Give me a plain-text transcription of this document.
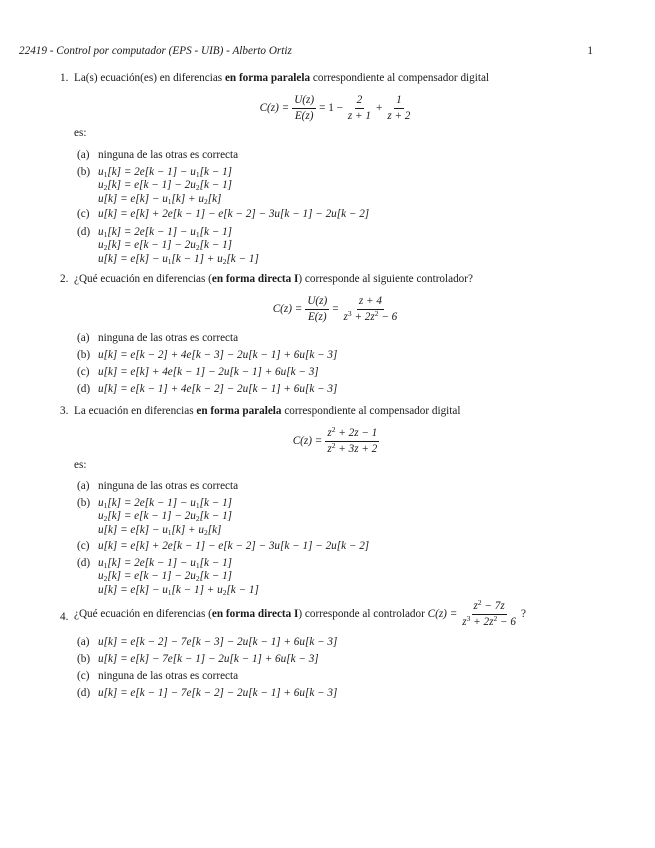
22419 - Control por computador (EPS - UIB) - Alberto Ortiz	1
1. La(s) ecuación(es) en diferencias en forma paralela correspondiente al compensador digital
$C(z) = \frac{U(z)}{E(z)} = 1 - \frac{2}{z + 1} + \frac{1}{z + 2}$
es:
(a) ninguna de las otras es correcta
(b) $u_1[k] = 2e[k - 1] - u_1[k - 1]$
$u_2[k] = e[k - 1] - 2u_2[k - 1]$
$u[k] = e[k] - u_1[k] + u_2[k]$
(c) u[k] = e[k] + 2e[k − 1] − e[k − 2] − 3u[k − 1] − 2u[k − 2]
(d) $u_1[k] = 2e[k - 1] - u_1[k - 1]$
$u_2[k] = e[k - 1] - 2u_2[k - 1]$
$u[k] = e[k] - u_1[k - 1] + u_2[k - 1]$
2. ¿Qué ecuación en diferencias (en forma directa I) corresponde al siguiente controlador?
$C(z) = \frac{U(z)}{E(z)} = \frac{z + 4}{z^3 + 2z^2 - 6}$
(a) ninguna de las otras es correcta
(b) u[k] = e[k − 2] + 4e[k − 3] − 2u[k − 1] + 6u[k − 3]
(c) u[k] = e[k] + 4e[k − 1] − 2u[k − 1] + 6u[k − 3]
(d) u[k] = e[k − 1] + 4e[k − 2] − 2u[k − 1] + 6u[k − 3]
3. La ecuación en diferencias en forma paralela correspondiente al compensador digital
$C(z) = \frac{z^2 + 2z - 1}{z^2 + 3z + 2}$
es:
(a) ninguna de las otras es correcta
(b) $u_1[k] = 2e[k - 1] - u_1[k - 1]$
$u_2[k] = e[k - 1] - 2u_2[k - 1]$
$u[k] = e[k] - u_1[k] + u_2[k]$
(c) u[k] = e[k] + 2e[k − 1] − e[k − 2] − 3u[k − 1] − 2u[k − 2]
(d) $u_1[k] = 2e[k - 1] - u_1[k - 1]$
$u_2[k] = e[k - 1] - 2u_2[k - 1]$
$u[k] = e[k] - u_1[k - 1] + u_2[k - 1]$
4. ¿Qué ecuación en diferencias ( en forma directa I ) corresponde al controlador
$C(z) = \frac{z^2 - 7z}{z^3 + 2z^2 - 6}$ ?
(a) u[k] = e[k − 2] − 7e[k − 3] − 2u[k − 1] + 6u[k − 3]
(b) u[k] = e[k] − 7e[k − 1] − 2u[k − 1] + 6u[k − 3]
(c) ninguna de las otras es correcta
(d) u[k] = e[k − 1] − 7e[k − 2] − 2u[k − 1] + 6u[k − 3]
